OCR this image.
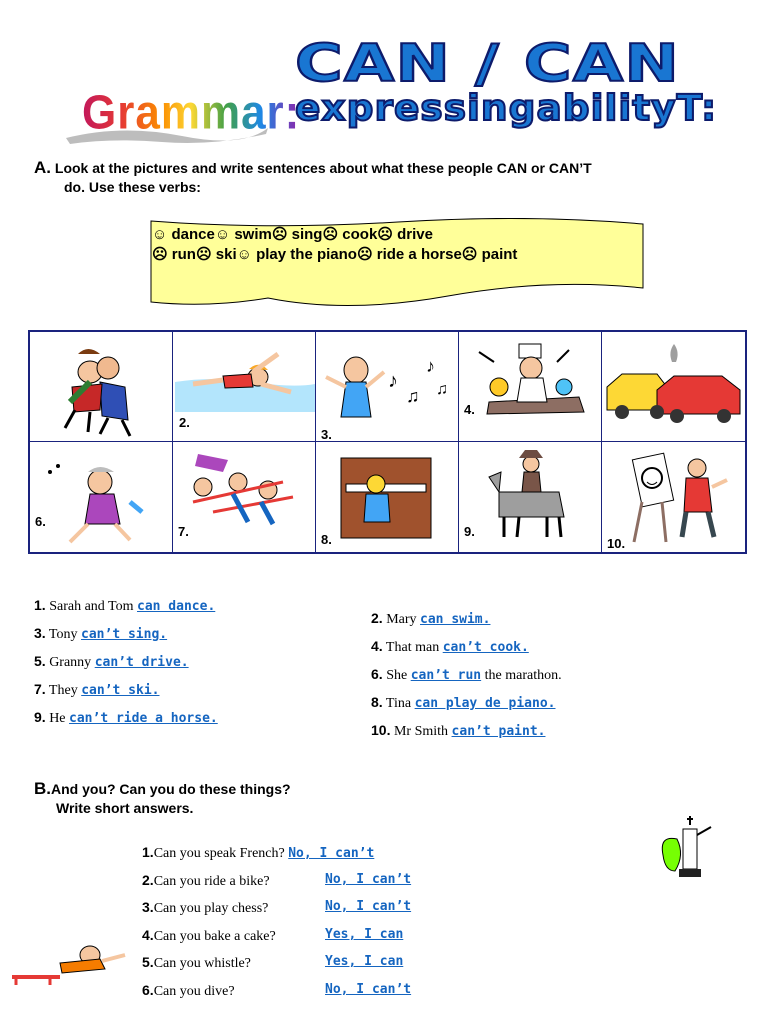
Grammar:
CAN / CAN
expressingabilityT:
A. Look at the pictures and write sentences about what these people CAN or CAN’T
do. Use these verbs:
☺ dance☺ swim☹ sing☹ cook☹ drive
☹ run☹ ski☺ play the piano☹ ride a horse☹ paint
2.
♪
♫
♪
♫
3.
4.
6.
7.
8.
9.
10.
1. Sarah and Tom can dance.
2. Mary can swim.
3. Tony can’t sing.
4. That man can’t cook.
5. Granny can’t drive.
6. She can’t run the marathon.
7. They can’t ski.
8. Tina can play de piano.
9. He can’t ride a horse.
10. Mr Smith can’t paint.
B.And you? Can you do these things?
Write short answers.
1.Can you speak French? No, I can’t
2.Can you ride a bike?	No, I can’t
3.Can you play chess?	No, I can’t
4.Can you bake a cake?	Yes, I can
5.Can you whistle?	Yes, I can
6.Can you dive?	No, I can’t
